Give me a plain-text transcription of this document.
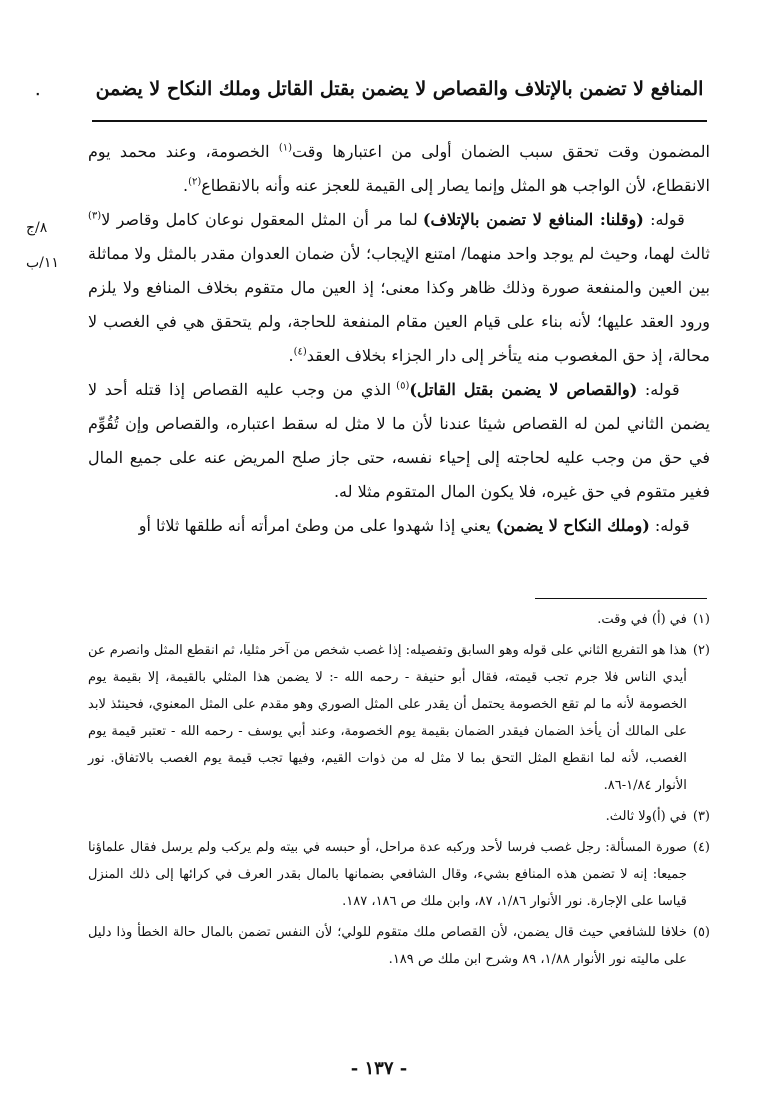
٠	المنافع لا تضمن بالإتلاف والقصاص لا يضمن بقتل القاتل وملك النكاح لا يضمن
٨/ج
١١/ب

المضمون وقت تحقق سبب الضمان أولى من اعتبارها وقت$^{(١)}$ الخصومة، وعند محمد يوم الانقطاع، لأن الواجب هو المثل وإنما يصار إلى القيمة للعجز عنه وأنه بالانقطاع$^{(٢)}$.

قوله: (وقلنا: المنافع لا تضمن بالإتلاف) لما مر أن المثل المعقول نوعان كامل وقاصر لا$^{(٣)}$ ثالث لهما، وحيث لم يوجد واحد منهما/ امتنع الإيجاب؛ لأن ضمان العدوان مقدر بالمثل ولا مماثلة بين العين والمنفعة صورة وذلك ظاهر وكذا معنى؛ إذ العين مال متقوم بخلاف المنافع ولا يلزم ورود العقد عليها؛ لأنه بناء على قيام العين مقام المنفعة للحاجة، ولم يتحقق هي في الغصب لا محالة، إذ حق المغصوب منه يتأخر إلى دار الجزاء بخلاف العقد$^{(٤)}$.

قوله: (والقصاص لا يضمن بقتل القاتل)$^{(٥)}$ الذي من وجب عليه القصاص إذا قتله أحد لا يضمن الثاني لمن له القصاص شيئا عندنا لأن ما لا مثل له سقط اعتباره، والقصاص وإن تُقُوِّم في حق من وجب عليه لحاجته إلى إحياء نفسه، حتى جاز صلح المريض عنه على جميع المال فغير متقوم في حق غيره، فلا يكون المال المتقوم مثلا له.

قوله: (وملك النكاح لا يضمن) يعني إذا شهدوا على من وطئ امرأته أنه طلقها ثلاثا أو

(١)
في (أ) في وقت.
(٢)
هذا هو التفريع الثاني على قوله وهو السابق وتفصيله: إذا غصب شخص من آخر مثليا، ثم انقطع المثل وانصرم عن أيدي الناس فلا جرم تجب قيمته، فقال أبو حنيفة - رحمه الله -: لا يضمن هذا المثلي بالقيمة، إلا بقيمة يوم الخصومة لأنه ما لم تقع الخصومة يحتمل أن يقدر على المثل الصوري وهو مقدم على المثل المعنوي، فحينئذ لابد على المالك أن يأخذ الضمان فيقدر الضمان بقيمة يوم الخصومة، وعند أبي يوسف - رحمه الله - تعتبر قيمة يوم الغصب، لأنه لما انقطع المثل التحق بما لا مثل له من ذوات القيم، وفيها تجب قيمة يوم الغصب بالاتفاق. نور الأنوار ١/٨٤-٨٦.
(٣)
في (أ)ولا ثالث.
(٤)
صورة المسألة: رجل غصب فرسا لأحد وركبه عدة مراحل، أو حبسه في بيته ولم يركب ولم يرسل فقال علماؤنا جميعا: إنه لا تضمن هذه المنافع بشيء، وقال الشافعي بضمانها بالمال بقدر العرف في كرائها إلى ذلك المنزل قياسا على الإجارة. نور الأنوار ١/٨٦، ٨٧، وابن ملك ص ١٨٦، ١٨٧.
(٥)
خلافا للشافعي حيث قال يضمن، لأن القصاص ملك متقوم للولي؛ لأن النفس تضمن بالمال حالة الخطأ وذا دليل على ماليته نور الأنوار ١/٨٨، ٨٩ وشرح ابن ملك ص ١٨٩.
- ١٣٧ -
